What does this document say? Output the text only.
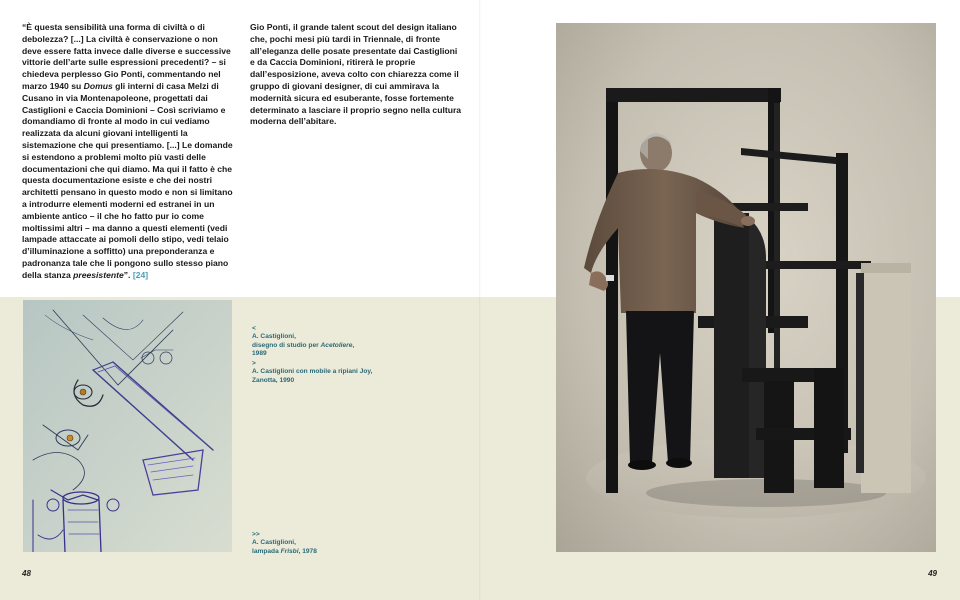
“È questa sensibilità una forma di civiltà o di debolezza? [...] La civiltà è conservazione o non deve essere fatta invece dalle diverse e successive vittorie dell’arte sulle espressioni precedenti? – si chiedeva perplesso Gio Ponti, commentando nel marzo 1940 su Domus gli interni di casa Melzi di Cusano in via Montenapoleone, progettati dai Castiglioni e Caccia Dominioni – Così scriviamo e domandiamo di fronte al modo in cui vediamo realizzata da alcuni giovani intelligenti la sistemazione che qui presentiamo. [...] Le domande si estendono a problemi molto più vasti delle documentazioni che qui diamo. Ma qui il fatto è che questa documentazione esiste e che dei nostri architetti pensano in questo modo e non si limitano a introdurre elementi moderni ed estranei in un ambiente antico – il che ho fatto pur io come moltissimi altri – ma danno a questi elementi (vedi lampade attaccate ai pomoli dello stipo, vedi telaio d’illuminazione a soffitto) una preponderanza e padronanza tale che li pongono sullo stesso piano della stanza preesistente”. [24]
Gio Ponti, il grande talent scout del design italiano che, pochi mesi più tardi in Triennale, di fronte all’eleganza delle posate presentate dai Castiglioni e da Caccia Dominioni, ritirerà le proprie dall’esposizione, aveva colto con chiarezza come il gruppo di giovani designer, di cui ammirava la modernità sicura ed esuberante, fosse fortemente determinato a lasciare il proprio segno nella cultura moderna dell’abitare.
<
A. Castiglioni,
disegno di studio per Acetoliere,
1989
>
A. Castiglioni con mobile a ripiani Joy,
Zanotta, 1990
>>
A. Castiglioni,
lampada Frisbi, 1978
48	49
